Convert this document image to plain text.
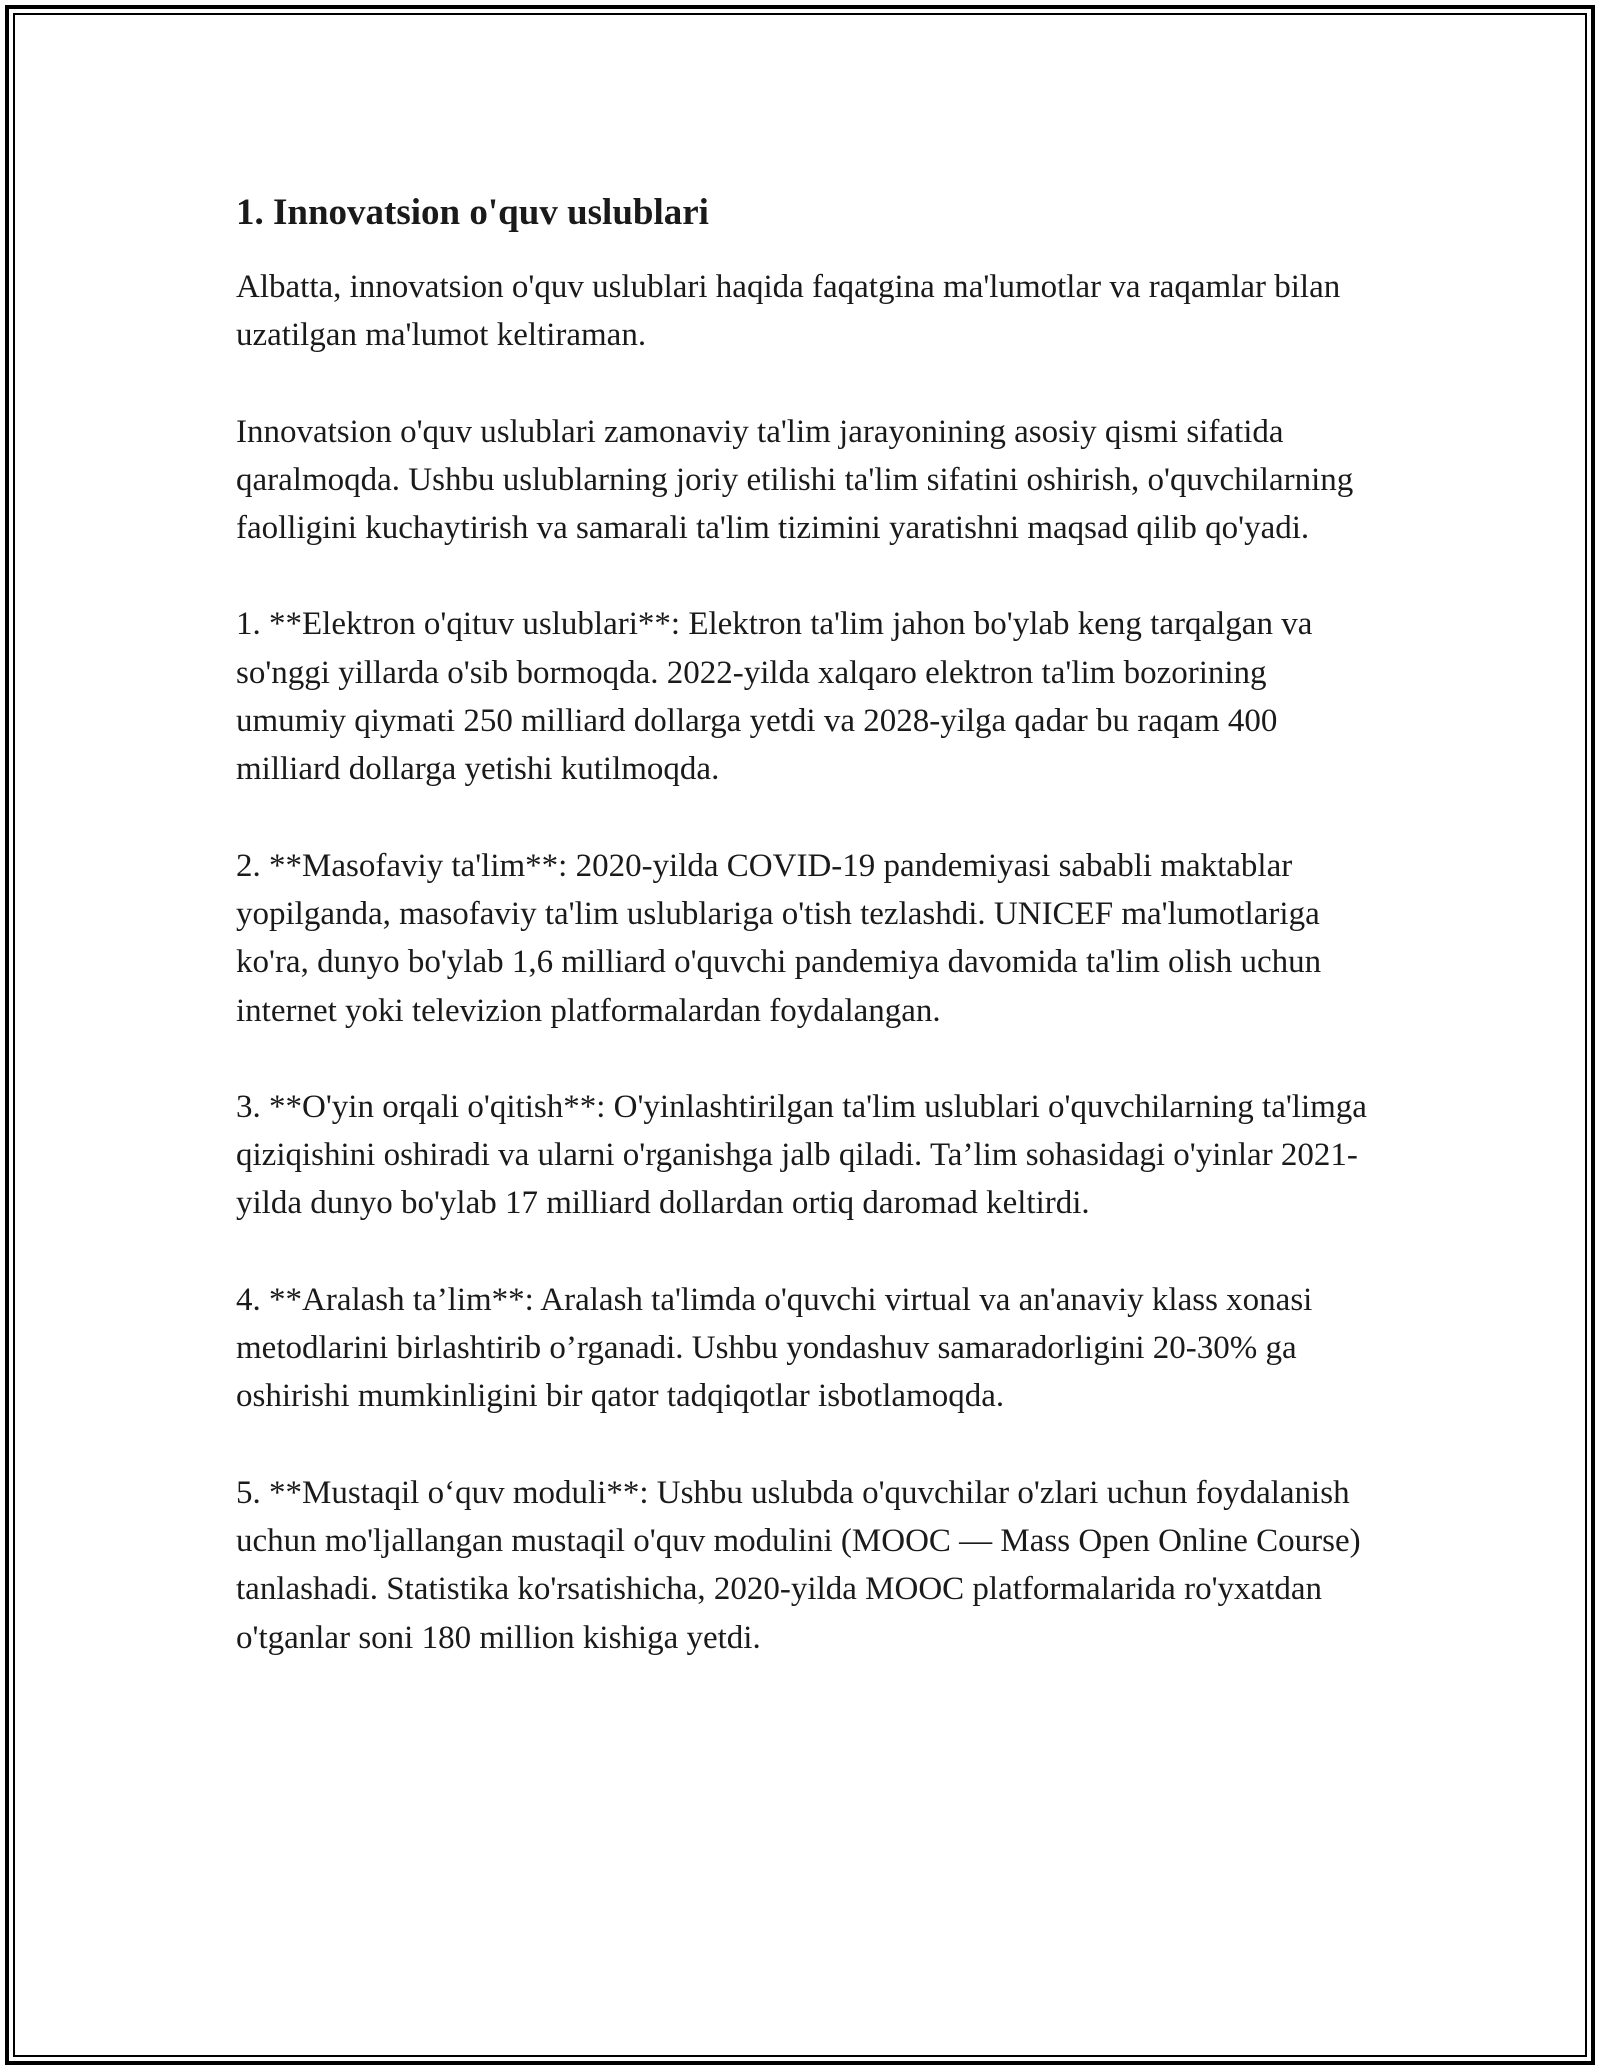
1. Innovatsion o'quv uslublari

Albatta, innovatsion o'quv uslublari haqida faqatgina ma'lumotlar va raqamlar bilan uzatilgan ma'lumot keltiraman.

Innovatsion o'quv uslublari zamonaviy ta'lim jarayonining asosiy qismi sifatida qaralmoqda. Ushbu uslublarning joriy etilishi ta'lim sifatini oshirish, o'quvchilarning faolligini kuchaytirish va samarali ta'lim tizimini yaratishni maqsad qilib qo'yadi.

1. **Elektron o'qituv uslublari**: Elektron ta'lim jahon bo'ylab keng tarqalgan va so'nggi yillarda o'sib bormoqda. 2022-yilda xalqaro elektron ta'lim bozorining umumiy qiymati 250 milliard dollarga yetdi va 2028-yilga qadar bu raqam 400 milliard dollarga yetishi kutilmoqda.

2. **Masofaviy ta'lim**: 2020-yilda COVID-19 pandemiyasi sababli maktablar yopilganda, masofaviy ta'lim uslublariga o'tish tezlashdi. UNICEF ma'lumotlariga ko'ra, dunyo bo'ylab 1,6 milliard o'quvchi pandemiya davomida ta'lim olish uchun internet yoki televizion platformalardan foydalangan.

3. **O'yin orqali o'qitish**: O'yinlashtirilgan ta'lim uslublari o'quvchilarning ta'limga qiziqishini oshiradi va ularni o'rganishga jalb qiladi. Ta’lim sohasidagi o'yinlar 2021-yilda dunyo bo'ylab 17 milliard dollardan ortiq daromad keltirdi.

4. **Aralash ta’lim**: Aralash ta'limda o'quvchi virtual va an'anaviy klass xonasi metodlarini birlashtirib o’rganadi. Ushbu yondashuv samaradorligini 20-30% ga oshirishi mumkinligini bir qator tadqiqotlar isbotlamoqda.

5. **Mustaqil o‘quv moduli**: Ushbu uslubda o'quvchilar o'zlari uchun foydalanish uchun mo'ljallangan mustaqil o'quv modulini (MOOC — Mass Open Online Course) tanlashadi. Statistika ko'rsatishicha, 2020-yilda MOOC platformalarida ro'yxatdan o'tganlar soni 180 million kishiga yetdi.
